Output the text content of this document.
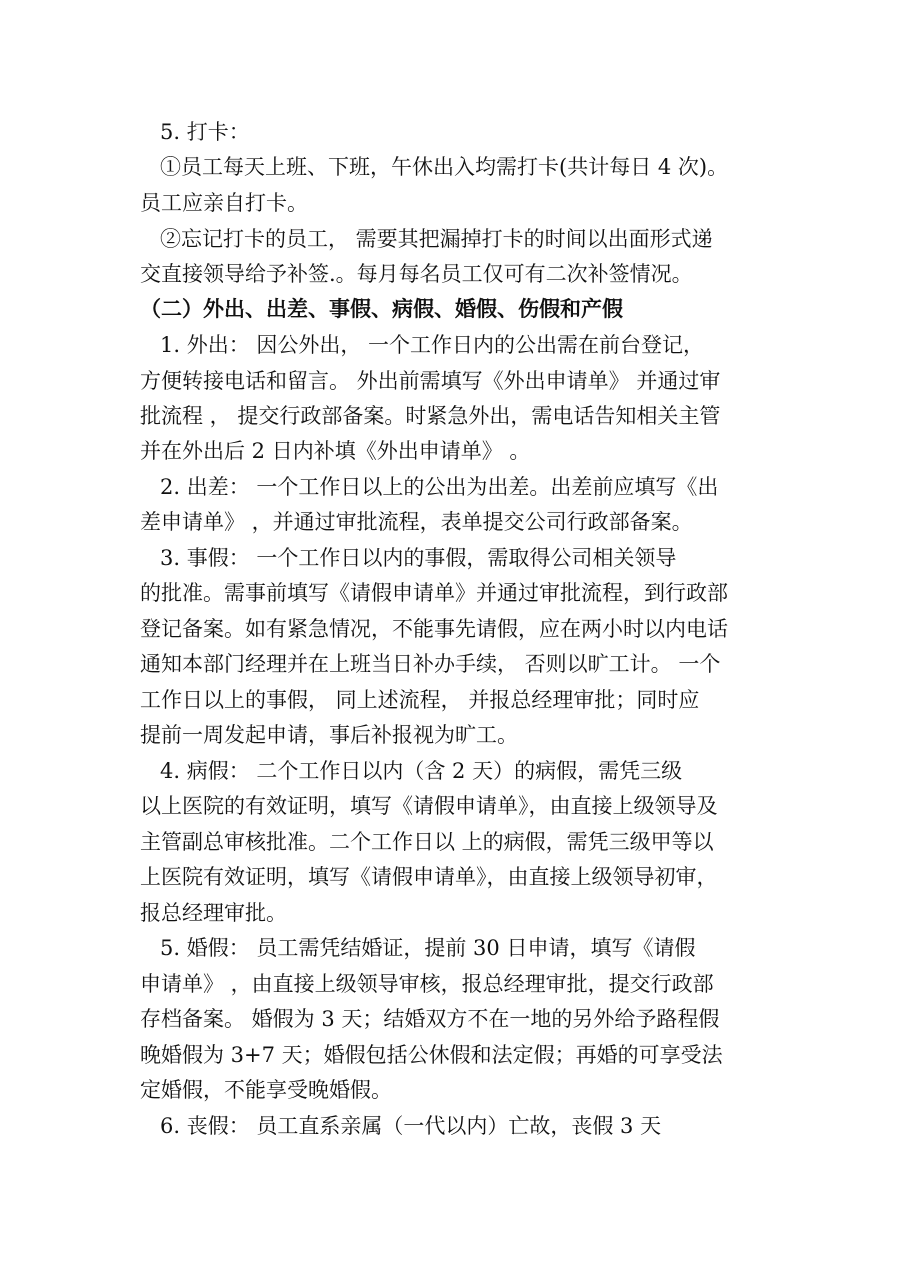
5. 打卡：
①员工每天上班、下班，午休出入均需打卡(共计每日 4 次)。
员工应亲自打卡。
②忘记打卡的员工， 需要其把漏掉打卡的时间以出面形式递
交直接领导给予补签.。每月每名员工仅可有二次补签情况。
（二）外出、出差、事假、病假、婚假、伤假和产假
1. 外出： 因公外出， 一个工作日内的公出需在前台登记，
方便转接电话和留言。 外出前需填写《外出申请单》 并通过审
批流程 ， 提交行政部备案。时紧急外出，需电话告知相关主管
并在外出后 2 日内补填《外出申请单》 。
2. 出差： 一个工作日以上的公出为出差。出差前应填写《出
差申请单》 ，并通过审批流程，表单提交公司行政部备案。
3. 事假： 一个工作日以内的事假，需取得公司相关领导
的批准。需事前填写《请假申请单》并通过审批流程，到行政部
登记备案。如有紧急情况，不能事先请假，应在两小时以内电话
通知本部门经理并在上班当日补办手续， 否则以旷工计。 一个
工作日以上的事假， 同上述流程， 并报总经理审批；同时应
提前一周发起申请，事后补报视为旷工。
4. 病假： 二个工作日以内（含 2 天）的病假，需凭三级
以上医院的有效证明，填写《请假申请单》，由直接上级领导及
主管副总审核批准。二个工作日以 上的病假，需凭三级甲等以
上医院有效证明，填写《请假申请单》，由直接上级领导初审，
报总经理审批。
5. 婚假： 员工需凭结婚证，提前 30 日申请，填写《请假
申请单》 ，由直接上级领导审核，报总经理审批，提交行政部
存档备案。 婚假为 3 天；结婚双方不在一地的另外给予路程假
晚婚假为 3+7 天；婚假包括公休假和法定假；再婚的可享受法
定婚假，不能享受晚婚假。
6. 丧假： 员工直系亲属（一代以内）亡故，丧假 3 天
